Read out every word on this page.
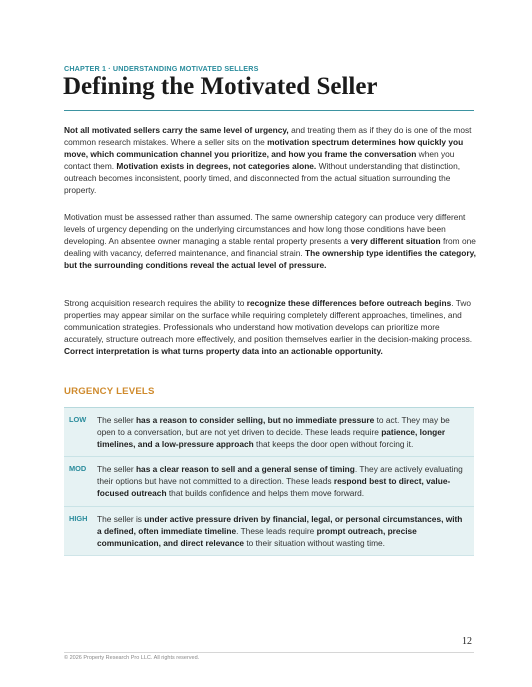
CHAPTER 1 · UNDERSTANDING MOTIVATED SELLERS
Defining the Motivated Seller

Not all motivated sellers carry the same level of urgency, and treating them as if they do is one of the most common research mistakes. Where a seller sits on the motivation spectrum determines how quickly you move, which communication channel you prioritize, and how you frame the conversation when you contact them. Motivation exists in degrees, not categories alone. Without understanding that distinction, outreach becomes inconsistent, poorly timed, and disconnected from the actual situation surrounding the property.

Motivation must be assessed rather than assumed. The same ownership category can produce very different levels of urgency depending on the underlying circumstances and how long those conditions have been developing. An absentee owner managing a stable rental property presents a very different situation from one dealing with vacancy, deferred maintenance, and financial strain. The ownership type identifies the category, but the surrounding conditions reveal the actual level of pressure.

Strong acquisition research requires the ability to recognize these differences before outreach begins. Two properties may appear similar on the surface while requiring completely different approaches, timelines, and communication strategies. Professionals who understand how motivation develops can prioritize more accurately, structure outreach more effectively, and position themselves earlier in the decision-making process. Correct interpretation is what turns property data into an actionable opportunity.

URGENCY LEVELS
LOW	The seller has a reason to consider selling, but no immediate pressure to act. They may be open to a conversation, but are not yet driven to decide. These leads require patience, longer timelines, and a low-pressure approach that keeps the door open without forcing it.

MOD	The seller has a clear reason to sell and a general sense of timing. They are actively evaluating their options but have not committed to a direction. These leads respond best to direct, value-focused outreach that builds confidence and helps them move forward.

HIGH	The seller is under active pressure driven by financial, legal, or personal circumstances, with a defined, often immediate timeline. These leads require prompt outreach, precise communication, and direct relevance to their situation without wasting time.

12
© 2026 Property Research Pro LLC. All rights reserved.
